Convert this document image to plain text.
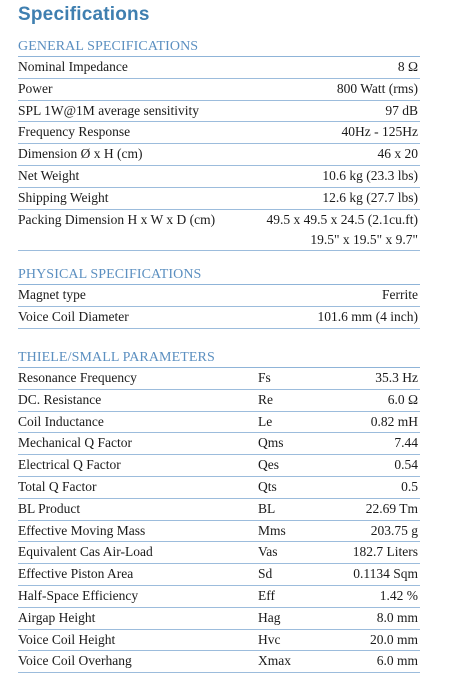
Specifications
GENERAL SPECIFICATIONS
Nominal Impedance	8 Ω
Power	800 Watt (rms)
SPL 1W@1M average sensitivity	97 dB
Frequency Response	40Hz - 125Hz
Dimension Ø x H (cm)	46 x 20
Net Weight	10.6 kg (23.3 lbs)
Shipping Weight	12.6 kg (27.7 lbs)
Packing Dimension H x W x D (cm)	49.5 x 49.5 x 24.5 (2.1cu.ft)
19.5" x 19.5" x 9.7"
PHYSICAL SPECIFICATIONS
Magnet type	Ferrite
Voice Coil Diameter	101.6 mm (4 inch)
THIELE/SMALL PARAMETERS
Resonance Frequency	Fs	35.3 Hz
DC. Resistance	Re	6.0 Ω
Coil Inductance	Le	0.82 mH
Mechanical Q Factor	Qms	7.44
Electrical Q Factor	Qes	0.54
Total Q Factor	Qts	0.5
BL Product	BL	22.69 Tm
Effective Moving Mass	Mms	203.75 g
Equivalent Cas Air-Load	Vas	182.7 Liters
Effective Piston Area	Sd	0.1134 Sqm
Half-Space Efficiency	Eff	1.42 %
Airgap Height	Hag	8.0 mm
Voice Coil Height	Hvc	20.0 mm
Voice Coil Overhang	Xmax	6.0 mm
